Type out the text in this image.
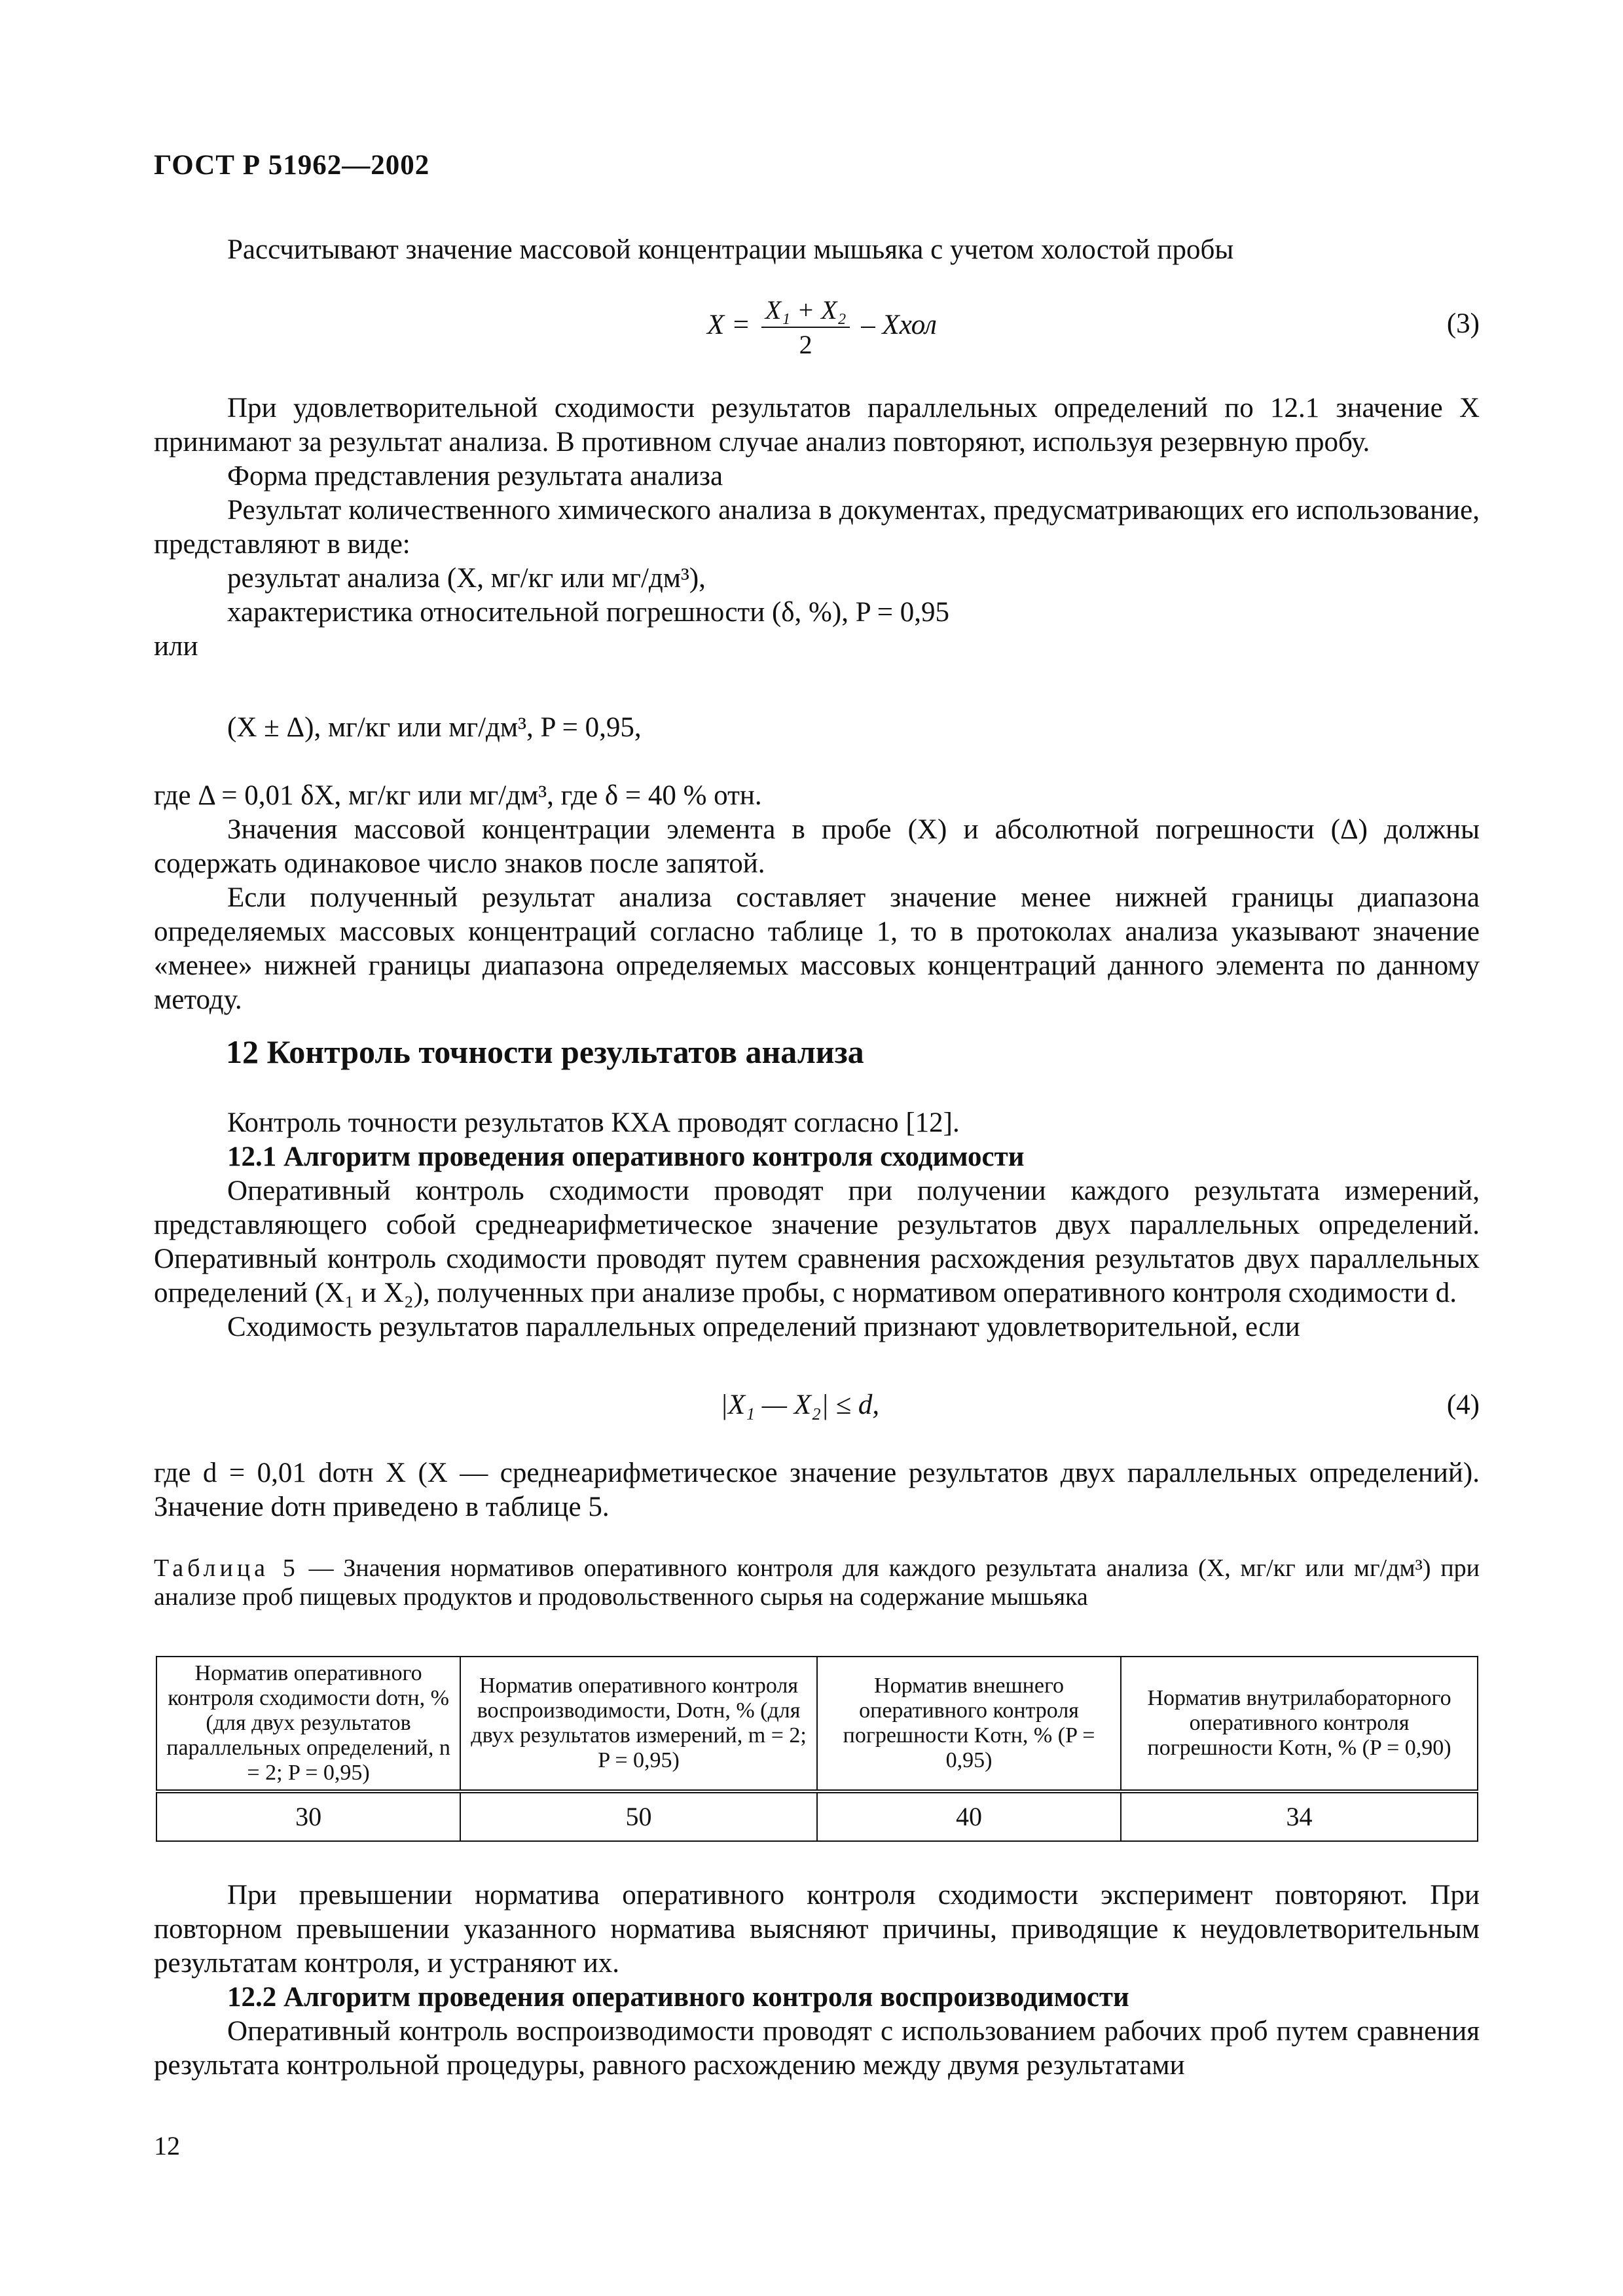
ГОСТ Р 51962—2002
Рассчитывают значение массовой концентрации мышьяка с учетом холостой пробы
$X = \frac{\text{X₁ + X₂}}{2}$ – Xхол	(3)

При удовлетворительной сходимости результатов параллельных определений по 12.1 значение X принимают за результат анализа. В противном случае анализ повторяют, используя резервную пробу.

Форма представления результата анализа

Результат количественного химического анализа в документах, предусматривающих его использование, представляют в виде:

результат анализа (X, мг/кг или мг/дм³),

характеристика относительной погрешности (δ, %), P = 0,95

или

(X ± Δ), мг/кг или мг/дм³, P = 0,95,

где Δ = 0,01 δX, мг/кг или мг/дм³, где δ = 40 % отн.

Значения массовой концентрации элемента в пробе (X) и абсолютной погрешности (Δ) должны содержать одинаковое число знаков после запятой.

Если полученный результат анализа составляет значение менее нижней границы диапазона определяемых массовых концентраций согласно таблице 1, то в протоколах анализа указывают значение «менее» нижней границы диапазона определяемых массовых концентраций данного элемента по данному методу.

12 Контроль точности результатов анализа

Контроль точности результатов КХА проводят согласно [12].

12.1 Алгоритм проведения оперативного контроля сходимости

Оперативный контроль сходимости проводят при получении каждого результата измерений, представляющего собой среднеарифметическое значение результатов двух параллельных определений. Оперативный контроль сходимости проводят путем сравнения расхождения результатов двух параллельных определений (X₁ и X₂), полученных при анализе пробы, с нормативом оперативного контроля сходимости d.

Сходимость результатов параллельных определений признают удовлетворительной, если

|X₁ — X₂| ≤ d,	(4)

где d = 0,01 dотн X (X — среднеарифметическое значение результатов двух параллельных определений). Значение dотн приведено в таблице 5.

Таблица 5 — Значения нормативов оперативного контроля для каждого результата анализа (X, мг/кг или мг/дм³) при анализе проб пищевых продуктов и продовольственного сырья на содержание мышьяка
Норматив оперативного контроля сходимости dотн, % (для двух результатов параллельных определений, n = 2; P = 0,95)	Норматив оперативного контроля воспроизводимости, Dотн, % (для двух результатов измерений, m = 2; P = 0,95)	Норматив внешнего оперативного контроля погрешности Kотн, % (P = 0,95)	Норматив внутрилабораторного оперативного контроля погрешности Kотн, % (P = 0,90)
30	50	40	34

При превышении норматива оперативного контроля сходимости эксперимент повторяют. При повторном превышении указанного норматива выясняют причины, приводящие к неудовлетворительным результатам контроля, и устраняют их.

12.2 Алгоритм проведения оперативного контроля воспроизводимости

Оперативный контроль воспроизводимости проводят с использованием рабочих проб путем сравнения результата контрольной процедуры, равного расхождению между двумя результатами

12
